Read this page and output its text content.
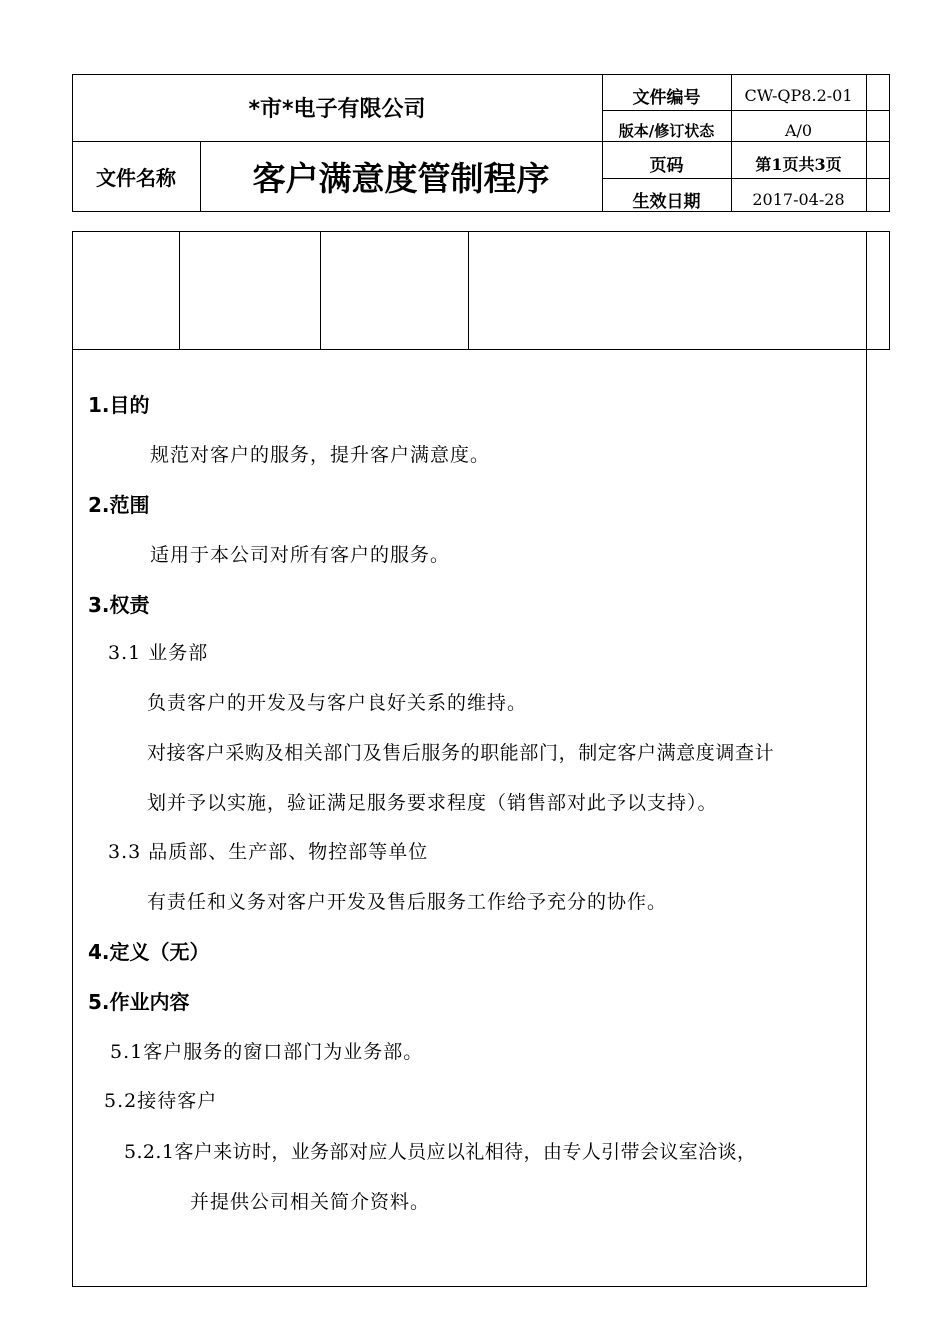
*市*电子有限公司
文件名称	客户满意度管制程序
文件编号	CW-QP8.2-01
版本/修订状态	A/0
页码	第1页共3页
生效日期	2017-04-28
1.目的
规范对客户的服务，提升客户满意度。
2.范围
适用于本公司对所有客户的服务。
3.权责
3.1 业务部
负责客户的开发及与客户良好关系的维持。
对接客户采购及相关部门及售后服务的职能部门，制定客户满意度调查计
划并予以实施，验证满足服务要求程度（销售部对此予以支持）。
3.3 品质部、生产部、物控部等单位
有责任和义务对客户开发及售后服务工作给予充分的协作。
4.定义（无）
5.作业内容
5.1客户服务的窗口部门为业务部。
5.2接待客户
5.2.1客户来访时，业务部对应人员应以礼相待，由专人引带会议室洽谈，
并提供公司相关简介资料。
